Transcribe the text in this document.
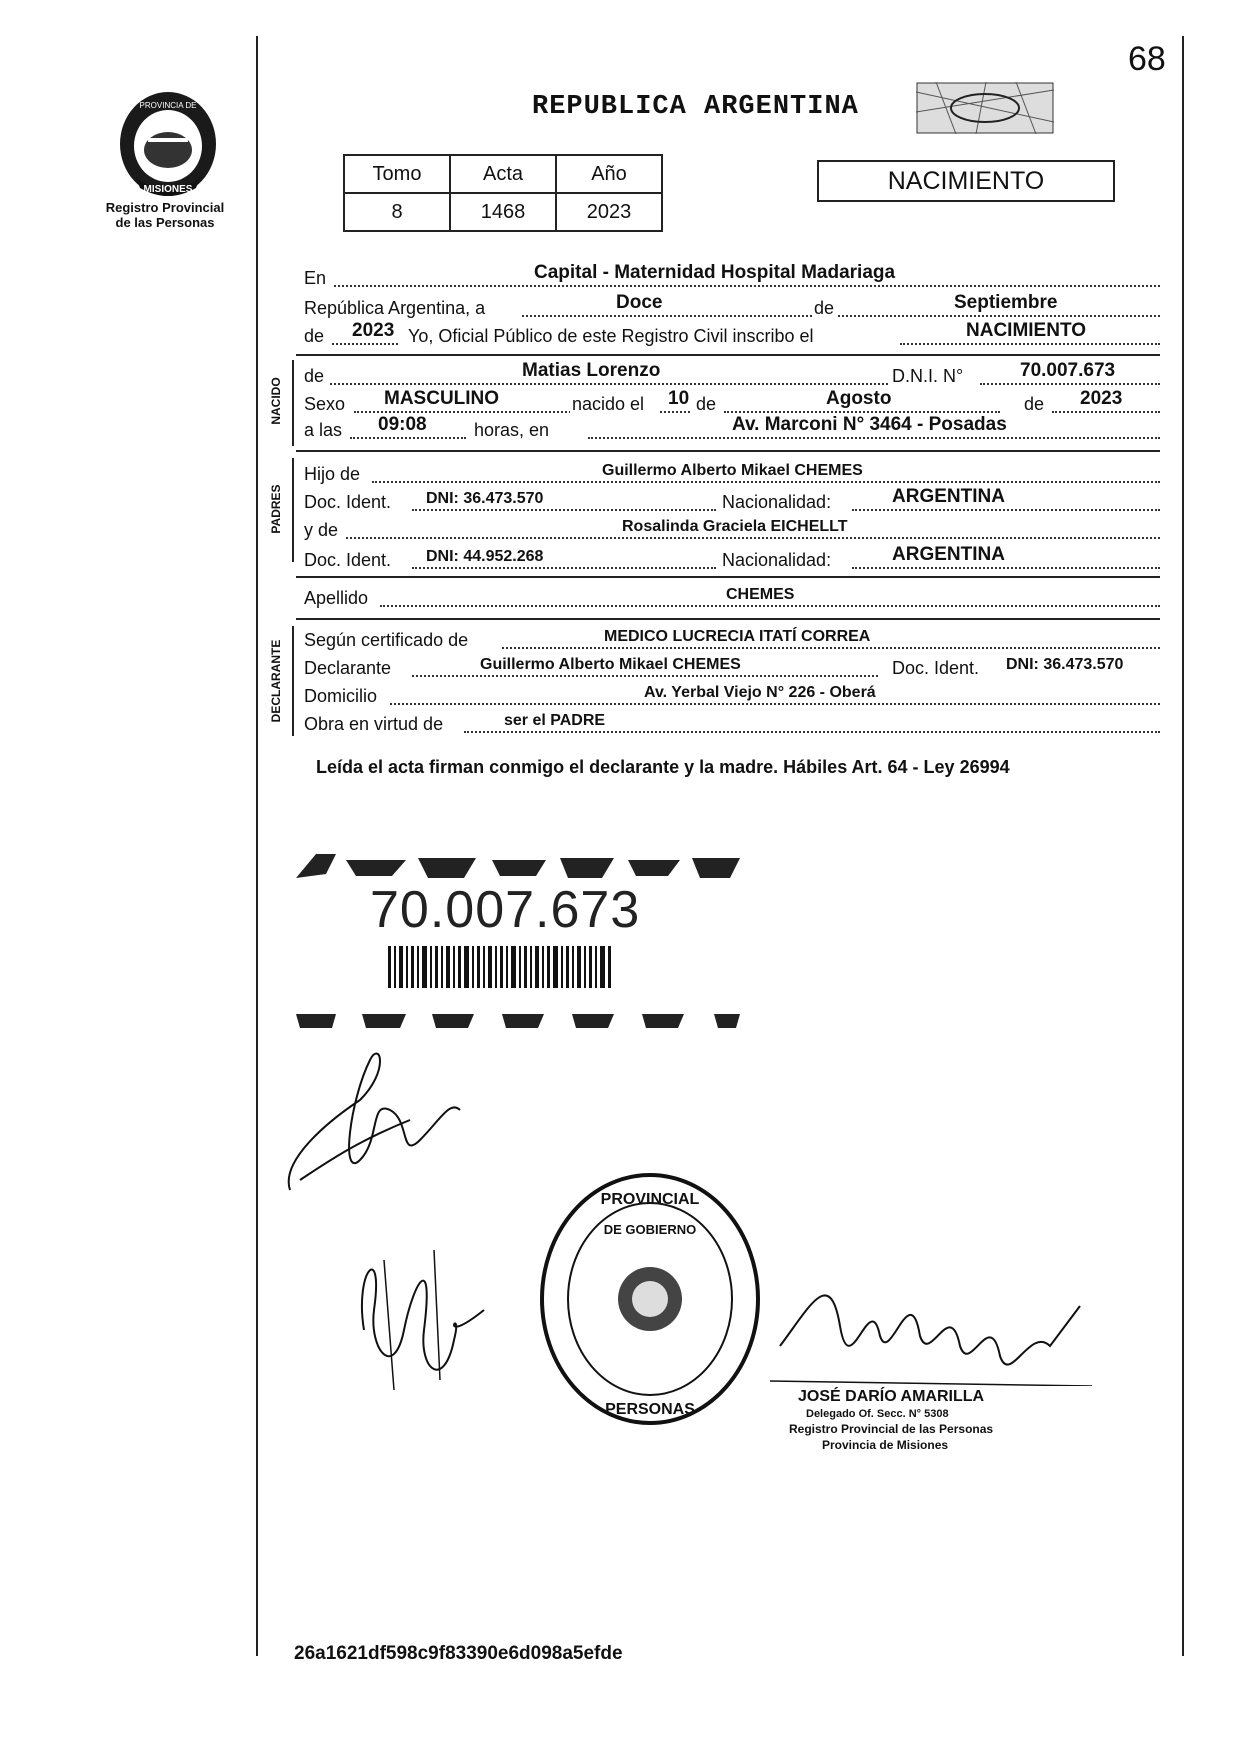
68
MISIONES
PROVINCIA DE
Registro Provincial
de las Personas
REPUBLICA ARGENTINA
Tomo	Acta	Año
8	1468	2023
NACIMIENTO
En	Capital - Maternidad Hospital Madariaga
República Argentina, a	Doce	de	Septiembre
de 2023 Yo, Oficial Público de este Registro Civil inscribo el	NACIMIENTO
NACIDO
de	Matias Lorenzo	D.N.I. N°	70.007.673
Sexo MASCULINO	nacido el 10 de	Agosto	de 2023
a las 09:08	horas, en	Av. Marconi N° 3464 - Posadas
PADRES
Hijo de	Guillermo Alberto Mikael CHEMES
Doc. Ident. DNI: 36.473.570	Nacionalidad:	ARGENTINA
y de	Rosalinda Graciela EICHELLT
Doc. Ident. DNI: 44.952.268	Nacionalidad:	ARGENTINA
Apellido	CHEMES
DECLARANTE Según certificado de	MEDICO LUCRECIA ITATÍ CORREA
Declarante	Guillermo Alberto Mikael CHEMES	Doc. Ident. DNI: 36.473.570
Domicilio	Av. Yerbal Viejo N° 226 - Oberá
Obra en virtud de	ser el PADRE
Leída el acta firman conmigo el declarante y la madre. Hábiles Art. 64 - Ley 26994
70.007.673
PROVINCIAL
PERSONAS
DE GOBIERNO
JOSÉ DARÍO AMARILLA
Delegado Of. Secc. N° 5308
Registro Provincial de las Personas
Provincia de Misiones
26a1621df598c9f83390e6d098a5efde
